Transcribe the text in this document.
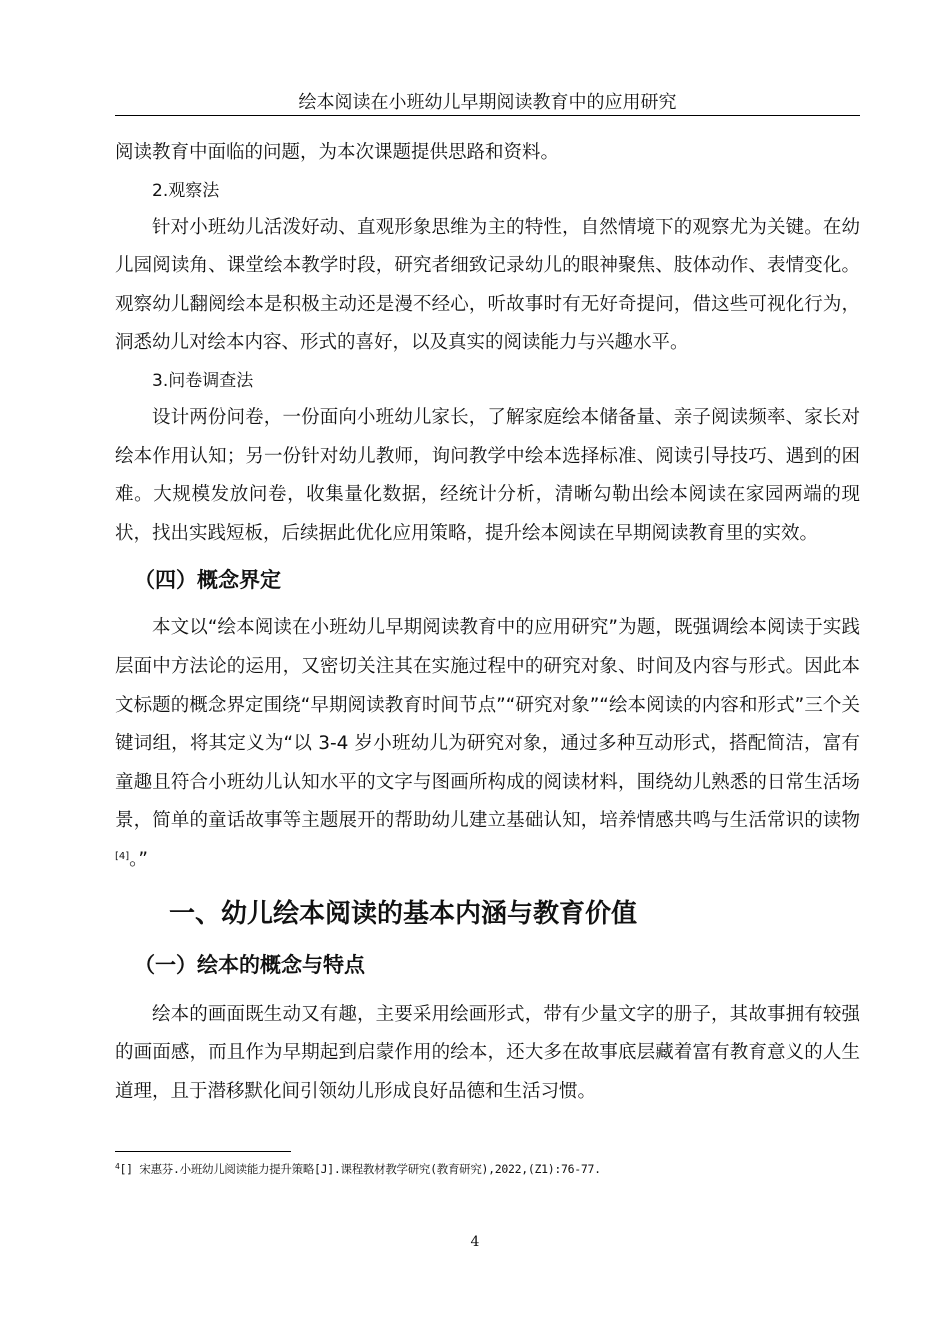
绘本阅读在小班幼儿早期阅读教育中的应用研究

阅读教育中面临的问题，为本次课题提供思路和资料。

2.观察法

针对小班幼儿活泼好动、直观形象思维为主的特性，自然情境下的观察尤为关键。在幼儿园阅读角、课堂绘本教学时段，研究者细致记录幼儿的眼神聚焦、肢体动作、表情变化。观察幼儿翻阅绘本是积极主动还是漫不经心，听故事时有无好奇提问，借这些可视化行为，洞悉幼儿对绘本内容、形式的喜好，以及真实的阅读能力与兴趣水平。

3.问卷调查法

设计两份问卷，一份面向小班幼儿家长，了解家庭绘本储备量、亲子阅读频率、家长对绘本作用认知；另一份针对幼儿教师，询问教学中绘本选择标准、阅读引导技巧、遇到的困难。大规模发放问卷，收集量化数据，经统计分析，清晰勾勒出绘本阅读在家园两端的现状，找出实践短板，后续据此优化应用策略，提升绘本阅读在早期阅读教育里的实效。

（四）概念界定

本文以“绘本阅读在小班幼儿早期阅读教育中的应用研究”为题，既强调绘本阅读于实践层面中方法论的运用，又密切关注其在实施过程中的研究对象、时间及内容与形式。因此本文标题的概念界定围绕“早期阅读教育时间节点”“研究对象”“绘本阅读的内容和形式”三个关键词组，将其定义为“以 3-4 岁小班幼儿为研究对象，通过多种互动形式，搭配简洁，富有童趣且符合小班幼儿认知水平的文字与图画所构成的阅读材料，围绕幼儿熟悉的日常生活场景，简单的童话故事等主题展开的帮助幼儿建立基础认知，培养情感共鸣与生活常识的读物[4]。”

一、幼儿绘本阅读的基本内涵与教育价值
（一）绘本的概念与特点

绘本的画面既生动又有趣，主要采用绘画形式，带有少量文字的册子，其故事拥有较强的画面感，而且作为早期起到启蒙作用的绘本，还大多在故事底层藏着富有教育意义的人生道理，且于潜移默化间引领幼儿形成良好品德和生活习惯。

$^4$[] 宋惠芬.小班幼儿阅读能力提升策略[J].课程教材教学研究(教育研究),2022,(Z1):76-77.
4
